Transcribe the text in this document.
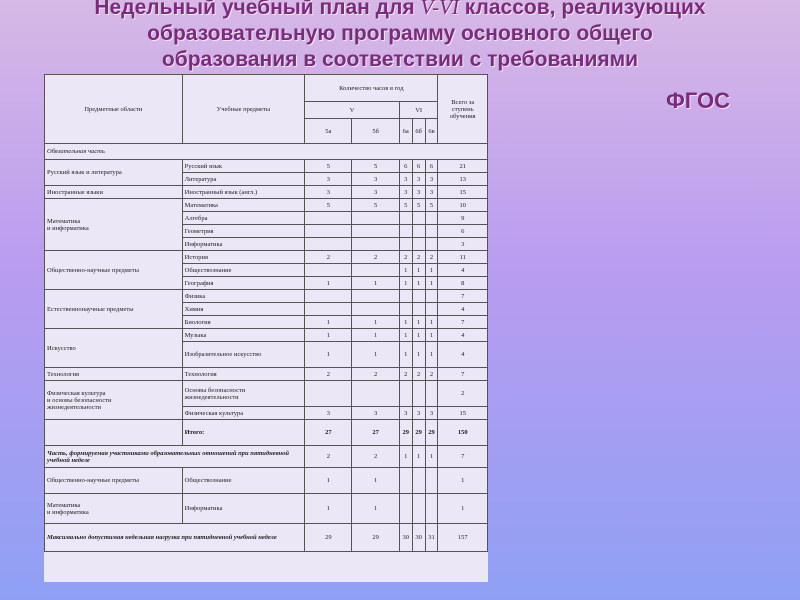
Недельный учебный план для V-VI классов, реализующих
образовательную программу основного общего
образования в соответствии с требованиями
ФГОС
Предметные области	Учебные предметы	Количество часов в год					Всего за ступень обучения
		V		VI			
		5а	5б	6а	6б	6в	
Обязательная часть							
Русский язык и литература	Русский язык	5	5	6	6	6	21
	Литература	3	3	3	3	3	13
Иностранные языки	Иностранный язык (англ.)	3	3	3	3	3	15
Математика
и информатика	Математика	5	5	5	5	5	10
	Алгебра						9
	Геометрия						6
	Информатика						3
Общественно-научные предметы	История	2	2	2	2	2	11
	Обществознание			1	1	1	4
	География	1	1	1	1	1	8
Естественнонаучные предметы	Физика						7
	Химия						4
	Биология	1	1	1	1	1	7
Искусство	Музыка	1	1	1	1	1	4
	Изобразительное искусство	1	1	1	1	1	4
Технология	Технология	2	2	2	2	2	7
Физическая культура
и основы безопасности
жизнедеятельности	Основы безопасности
жизнедеятельности						2
	Физическая культура	3	3	3	3	3	15
	Итого:	27	27	29	29	29	150
Часть, формируемая участниками образовательных отношений при пятидневной учебной неделе		2	2	1	1	1	7
Общественно-научные предметы	Обществознание	1	1				1
Математика
и информатика	Информатика	1	1				1
Максимально допустимая недельная нагрузка при пятидневной учебной неделе		29	29	30	30	31	157
